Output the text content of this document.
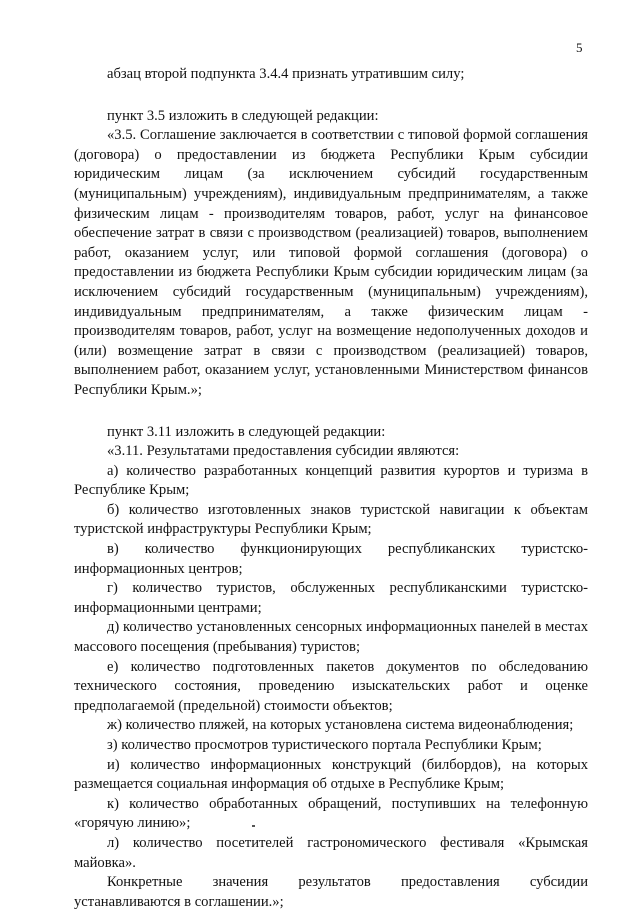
5

абзац второй подпункта 3.4.4 признать утратившим силу;

пункт 3.5 изложить в следующей редакции:

«3.5. Соглашение заключается в соответствии с типовой формой соглашения (договора) о предоставлении из бюджета Республики Крым субсидии юридическим лицам (за исключением субсидий государственным (муниципальным) учреждениям), индивидуальным предпринимателям, а также физическим лицам - производителям товаров, работ, услуг на финансовое обеспечение затрат в связи с производством (реализацией) товаров, выполнением работ, оказанием услуг, или типовой формой соглашения (договора) о предоставлении из бюджета Республики Крым субсидии юридическим лицам (за исключением субсидий государственным (муниципальным) учреждениям), индивидуальным предпринимателям, а также физическим лицам - производителям товаров, работ, услуг на возмещение недополученных доходов и (или) возмещение затрат в связи с производством (реализацией) товаров, выполнением работ, оказанием услуг, установленными Министерством финансов Республики Крым.»;

пункт 3.11 изложить в следующей редакции:

«3.11. Результатами предоставления субсидии являются:

а) количество разработанных концепций развития курортов и туризма в Республике Крым;

б) количество изготовленных знаков туристской навигации к объектам туристской инфраструктуры Республики Крым;

в) количество функционирующих республиканских туристско-информационных центров;

г) количество туристов, обслуженных республиканскими туристско-информационными центрами;

д) количество установленных сенсорных информационных панелей в местах массового посещения (пребывания) туристов;

е) количество подготовленных пакетов документов по обследованию технического состояния, проведению изыскательских работ и оценке предполагаемой (предельной) стоимости объектов;

ж) количество пляжей, на которых установлена система видеонаблюдения;

з) количество просмотров туристического портала Республики Крым;

и) количество информационных конструкций (билбордов), на которых размещается социальная информация об отдыхе в Республике Крым;

к) количество обработанных обращений, поступивших на телефонную «горячую линию»;

л) количество посетителей гастрономического фестиваля «Крымская майовка».

Конкретные значения результатов предоставления субсидии устанавливаются в соглашении.»;
